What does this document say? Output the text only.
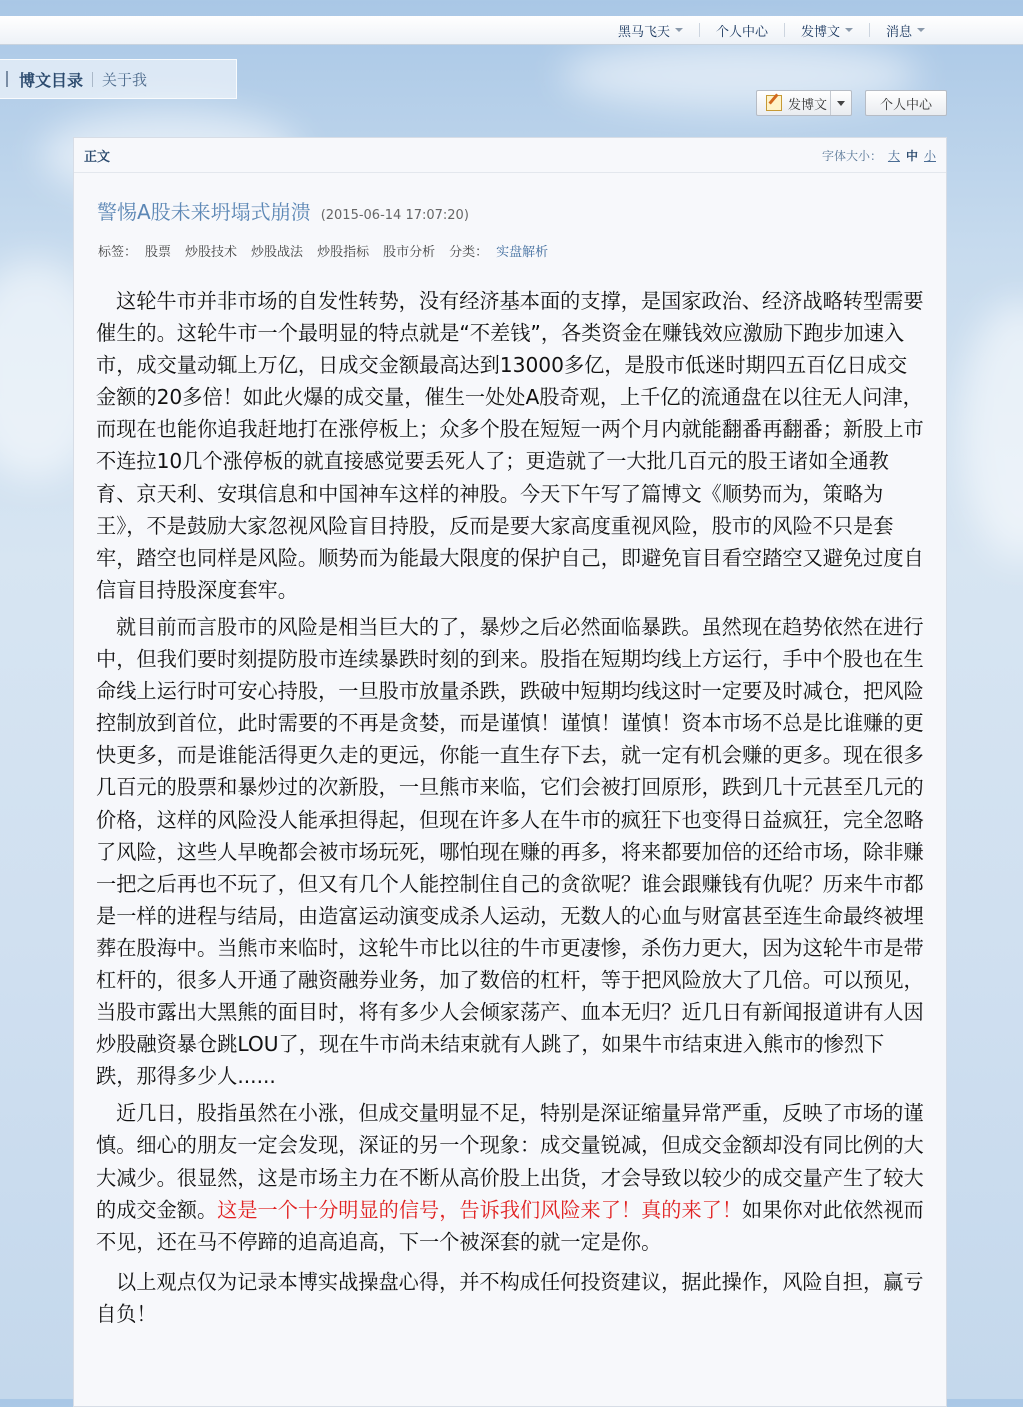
黑马飞天	个人中心	发博文	消息
博文目录 关于我
发博文	个人中心
正文	字体大小： 大 中 小
警惕A股未来坍塌式崩溃 (2015-06-14 17:07:20)
标签： 股票 炒股技术 炒股战法 炒股指标 股市分析 分类： 实盘解析

这轮牛市并非市场的自发性转势，没有经济基本面的支撑，是国家政治、经济战略转型需要催生的。这轮牛市一个最明显的特点就是“不差钱”，各类资金在赚钱效应激励下跑步加速入市，成交量动辄上万亿，日成交金额最高达到13000多亿，是股市低迷时期四五百亿日成交金额的20多倍！如此火爆的成交量，催生一处处A股奇观，上千亿的流通盘在以往无人问津，而现在也能你追我赶地打在涨停板上；众多个股在短短一两个月内就能翻番再翻番；新股上市不连拉10几个涨停板的就直接感觉要丢死人了；更造就了一大批几百元的股王诸如全通教育、京天利、安琪信息和中国神车这样的神股。今天下午写了篇博文《顺势而为，策略为王》，不是鼓励大家忽视风险盲目持股，反而是要大家高度重视风险，股市的风险不只是套牢，踏空也同样是风险。顺势而为能最大限度的保护自己，即避免盲目看空踏空又避免过度自信盲目持股深度套牢。

就目前而言股市的风险是相当巨大的了，暴炒之后必然面临暴跌。虽然现在趋势依然在进行中，但我们要时刻提防股市连续暴跌时刻的到来。股指在短期均线上方运行，手中个股也在生命线上运行时可安心持股，一旦股市放量杀跌，跌破中短期均线这时一定要及时减仓，把风险控制放到首位，此时需要的不再是贪婪，而是谨慎！谨慎！谨慎！资本市场不总是比谁赚的更快更多，而是谁能活得更久走的更远，你能一直生存下去，就一定有机会赚的更多。现在很多几百元的股票和暴炒过的次新股，一旦熊市来临，它们会被打回原形，跌到几十元甚至几元的价格，这样的风险没人能承担得起，但现在许多人在牛市的疯狂下也变得日益疯狂，完全忽略了风险，这些人早晚都会被市场玩死，哪怕现在赚的再多，将来都要加倍的还给市场，除非赚一把之后再也不玩了，但又有几个人能控制住自己的贪欲呢？谁会跟赚钱有仇呢？历来牛市都是一样的进程与结局，由造富运动演变成杀人运动，无数人的心血与财富甚至连生命最终被埋葬在股海中。当熊市来临时，这轮牛市比以往的牛市更凄惨，杀伤力更大，因为这轮牛市是带杠杆的，很多人开通了融资融券业务，加了数倍的杠杆，等于把风险放大了几倍。可以预见，当股市露出大黑熊的面目时，将有多少人会倾家荡产、血本无归？近几日有新闻报道讲有人因炒股融资暴仓跳LOU了，现在牛市尚未结束就有人跳了，如果牛市结束进入熊市的惨烈下跌，那得多少人......

近几日，股指虽然在小涨，但成交量明显不足，特别是深证缩量异常严重，反映了市场的谨慎。细心的朋友一定会发现，深证的另一个现象：成交量锐减，但成交金额却没有同比例的大大减少。很显然，这是市场主力在不断从高价股上出货，才会导致以较少的成交量产生了较大的成交金额。这是一个十分明显的信号，告诉我们风险来了！真的来了！如果你对此依然视而不见，还在马不停蹄的追高追高，下一个被深套的就一定是你。

以上观点仅为记录本博实战操盘心得，并不构成任何投资建议，据此操作，风险自担，赢亏自负！
